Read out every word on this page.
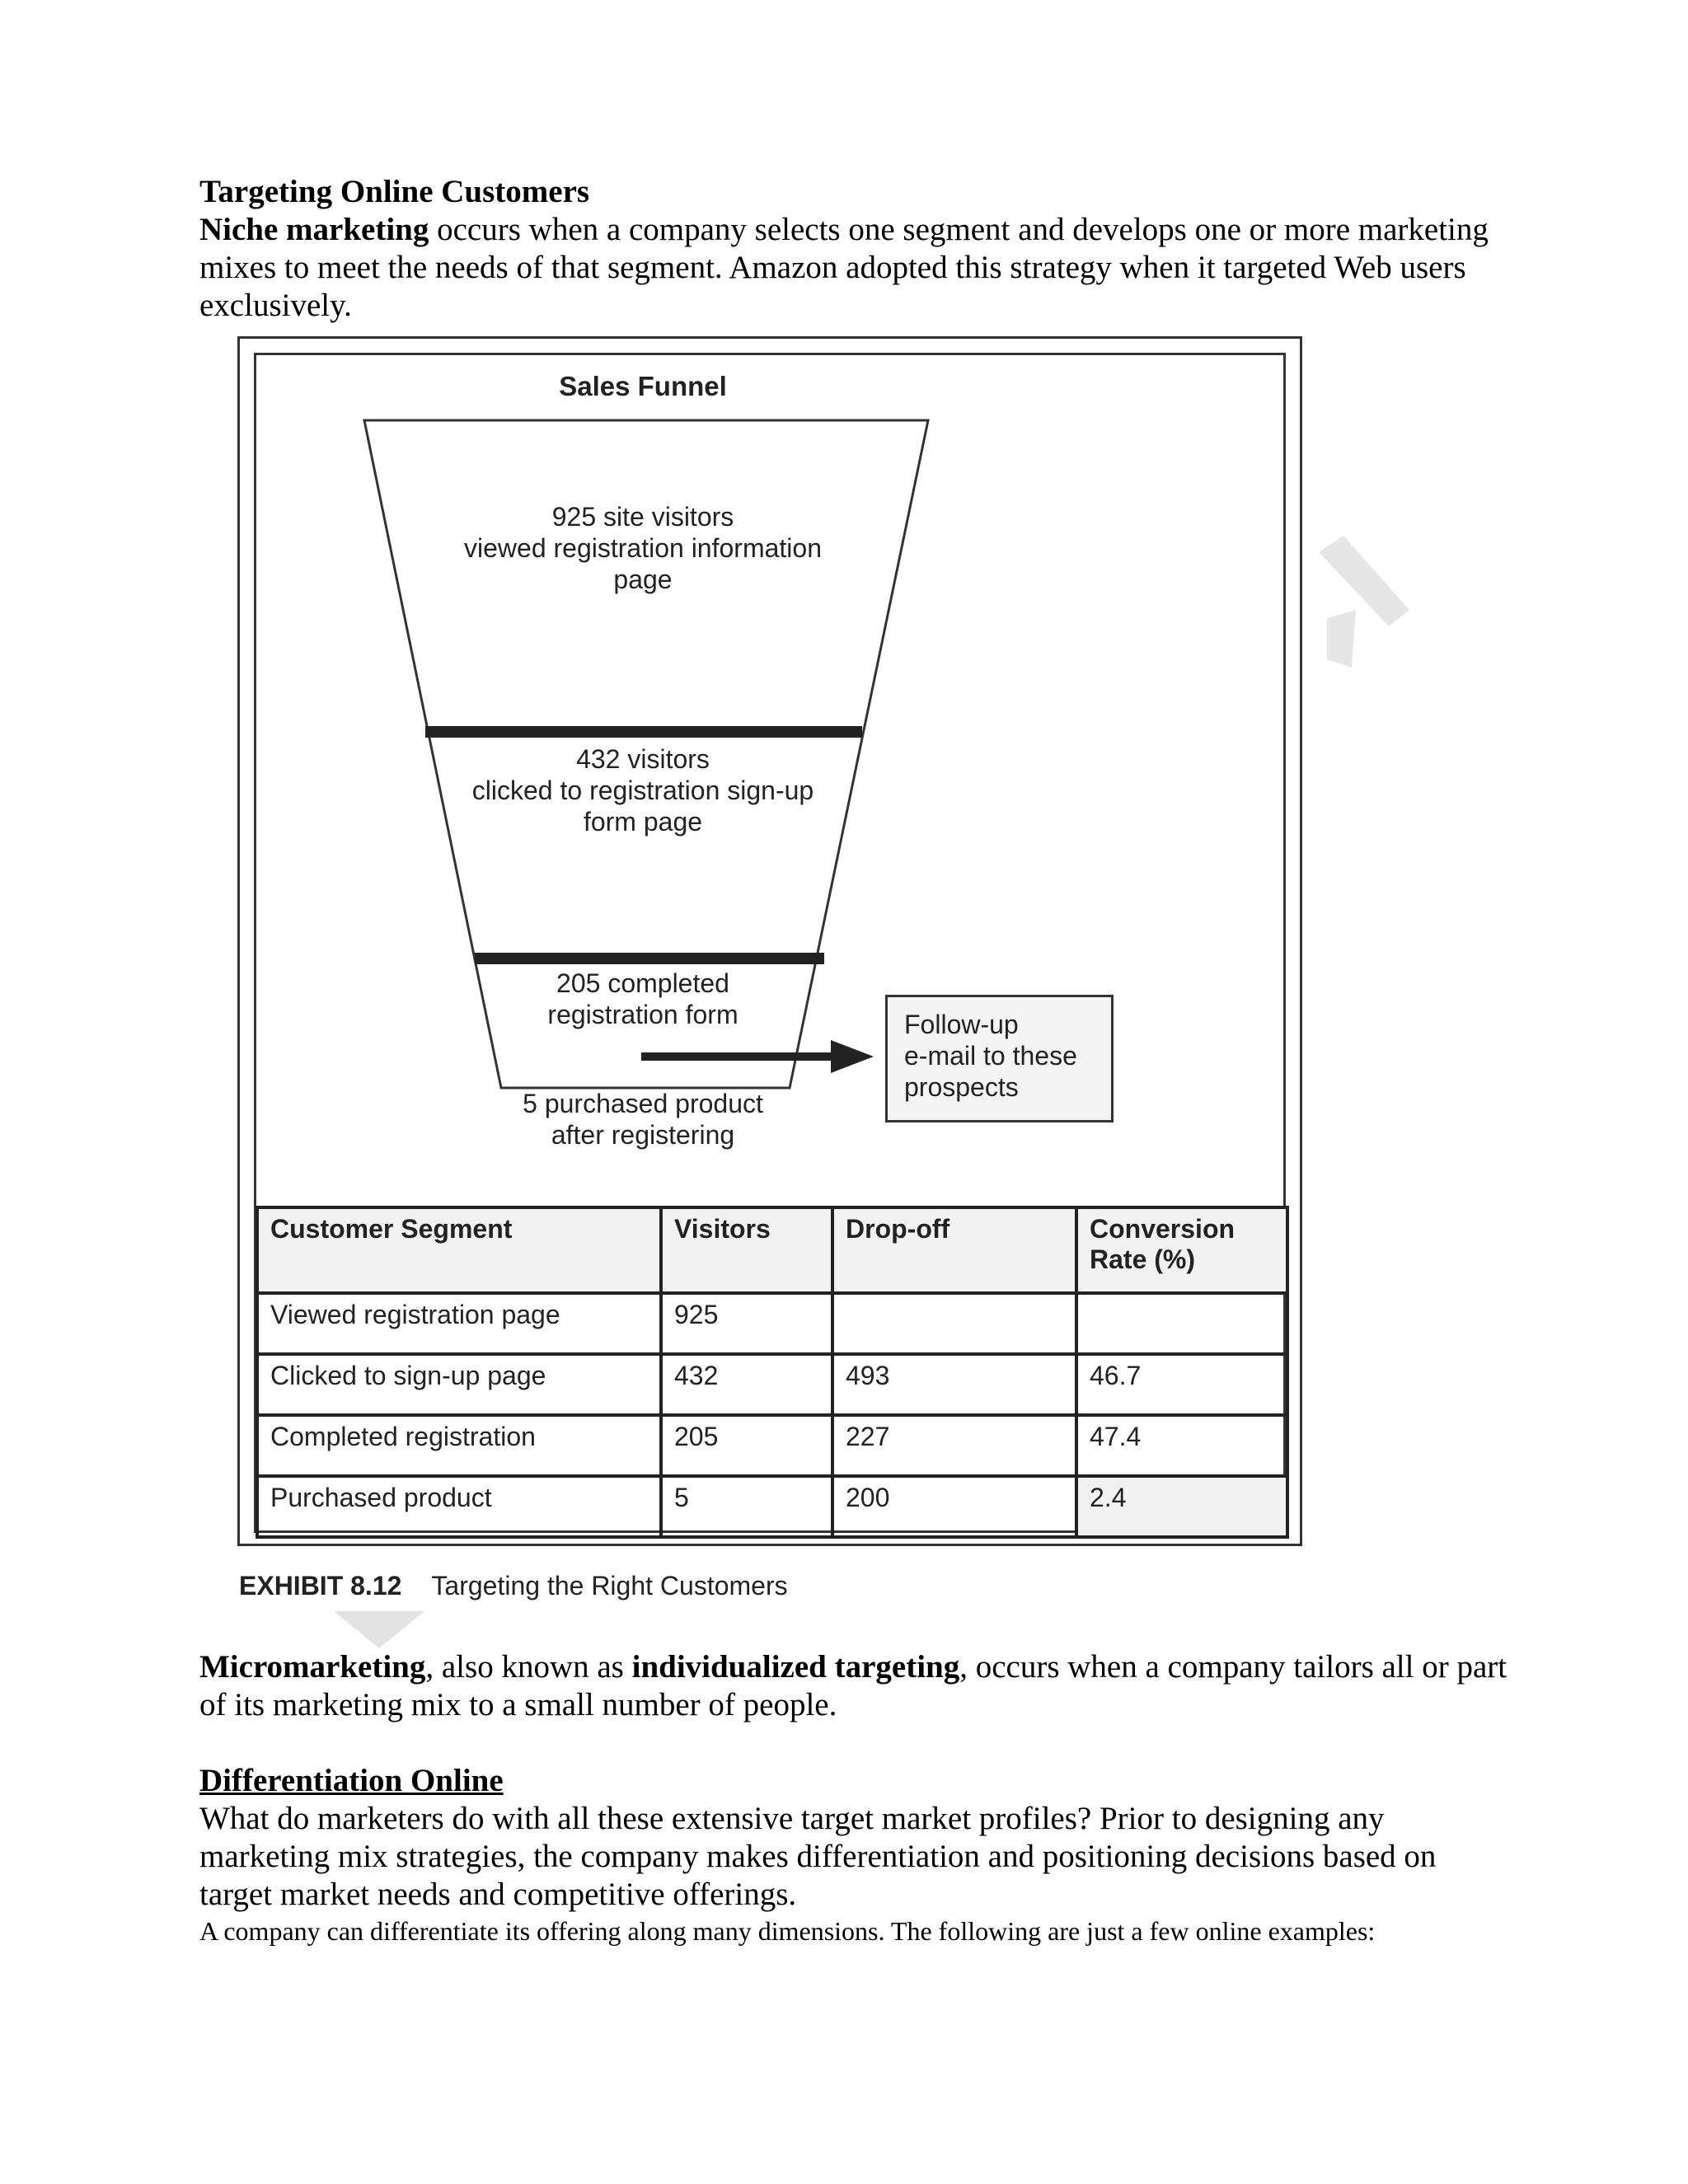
Targeting Online Customers

Niche marketing occurs when a company selects one segment and develops one or more marketing mixes to meet the needs of that segment. Amazon adopted this strategy when it targeted Web users exclusively.

Sales Funnel
925 site visitors
viewed registration information
page
432 visitors
clicked to registration sign-up
form page
205 completed
registration form
5 purchased product
after registering
Follow-up
e-mail to these
prospects
Customer Segment	Visitors	Drop-off	Conversion Rate (%)
Viewed registration page	925		
Clicked to sign-up page	432	493	46.7
Completed registration	205	227	47.4
Purchased product	5	200	2.4
EXHIBIT 8.12 Targeting the Right Customers

Micromarketing, also known as individualized targeting, occurs when a company tailors all or part of its marketing mix to a small number of people.

Differentiation Online

What do marketers do with all these extensive target market profiles? Prior to designing any marketing mix strategies, the company makes differentiation and positioning decisions based on target market needs and competitive offerings.

A company can differentiate its offering along many dimensions. The following are just a few online examples:
